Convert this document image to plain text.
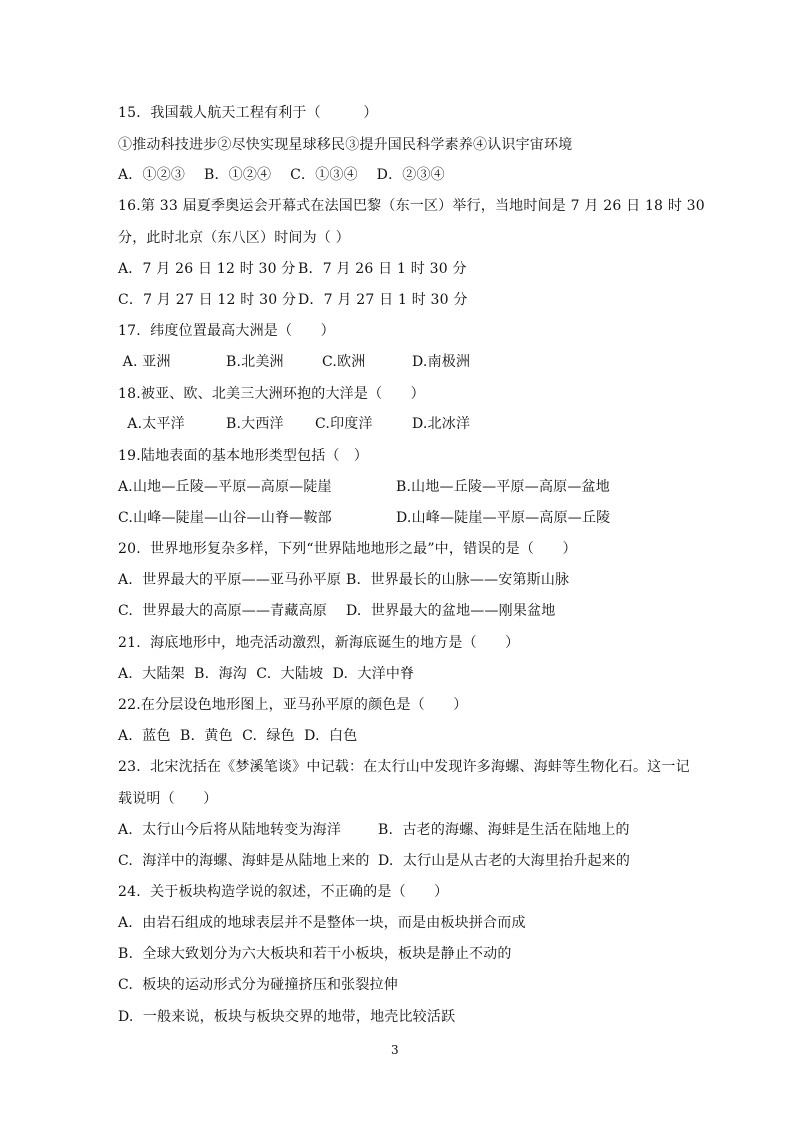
15．我国载人航天工程有利于（　　　）
①推动科技进步②尽快实现星球移民③提升国民科学素养④认识宇宙环境
A．①②③　 B．①②④　 C．①③④　 D．②③④
16.第 33 届夏季奥运会开幕式在法国巴黎（东一区）举行，当地时间是 7 月 26 日 18 时 30
分，此时北京（东八区）时间为（ ）
A．7 月 26 日 12 时 30 分 B．7 月 26 日 1 时 30 分
C．7 月 27 日 12 时 30 分 D．7 月 27 日 1 时 30 分
17.  纬度位置最高大洲是（　　）
A. 亚洲	B.北美洲	C.欧洲	D.南极洲
18.被亚、欧、北美三大洲环抱的大洋是（　　）
A.太平洋	B.大西洋 C.印度洋	D.北冰洋
19.陆地表面的基本地形类型包括（　）
A.山地—丘陵—平原—高原—陡崖	B.山地—丘陵—平原—高原—盆地
C.山峰—陡崖—山谷—山脊—鞍部	D.山峰—陡崖—平原—高原—丘陵
20.  世界地形复杂多样，下列“世界陆地地形之最”中，错误的是（　　）
A.  世界最大的平原——亚马孙平原 B.  世界最长的山脉——安第斯山脉
C.  世界最大的高原——青藏高原 D.  世界最大的盆地——刚果盆地
21.  海底地形中，地壳活动激烈，新海底诞生的地方是（　　）
A.  大陆架  B.  海沟  C.  大陆坡  D.  大洋中脊
22.在分层设色地形图上，亚马孙平原的颜色是（　　）
A.  蓝色  B.  黄色  C.  绿色  D.  白色
23.  北宋沈括在《梦溪笔谈》中记载：在太行山中发现许多海螺、海蚌等生物化石。这一记
载说明（　　）
A.  太行山今后将从陆地转变为海洋	B.  古老的海螺、海蚌是生活在陆地上的
C.  海洋中的海螺、海蚌是从陆地上来的 D.  太行山是从古老的大海里抬升起来的
24.  关于板块构造学说的叙述，不正确的是（　　）
A.  由岩石组成的地球表层并不是整体一块，而是由板块拼合而成
B.  全球大致划分为六大板块和若干小板块，板块是静止不动的
C.  板块的运动形式分为碰撞挤压和张裂拉伸
D.  一般来说，板块与板块交界的地带，地壳比较活跃
3
